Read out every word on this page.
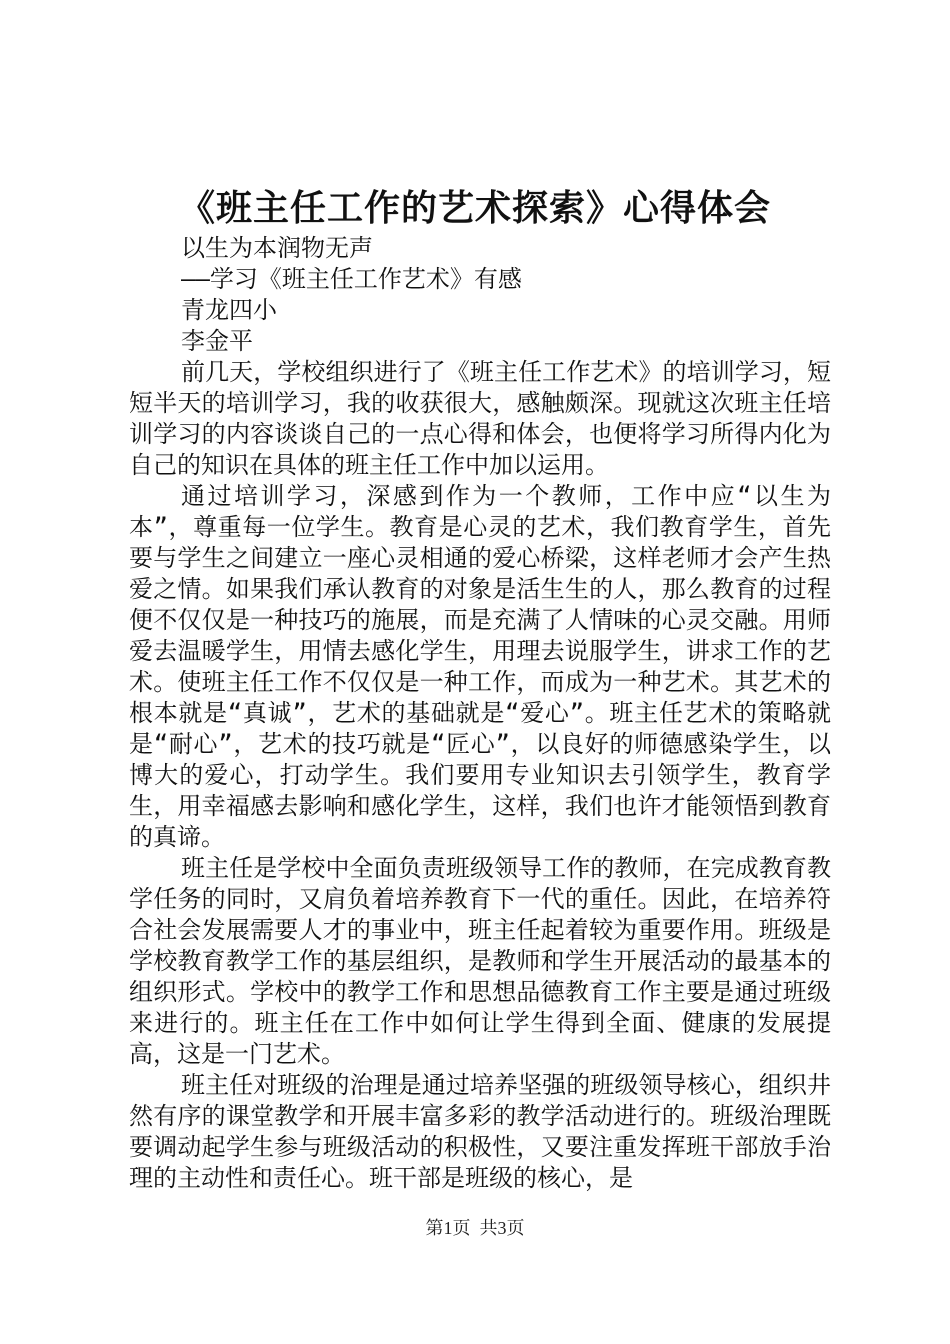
《班主任工作的艺术探索》心得体会

以生为本润物无声

——学习《班主任工作艺术》有感

青龙四小

李金平

前几天，学校组织进行了《班主任工作艺术》的培训学习，短短半天的培训学习，我的收获很大，感触颇深。现就这次班主任培训学习的内容谈谈自己的一点心得和体会，也便将学习所得内化为自己的知识在具体的班主任工作中加以运用。

通过培训学习，深感到作为一个教师，工作中应“以生为本”，尊重每一位学生。教育是心灵的艺术，我们教育学生，首先要与学生之间建立一座心灵相通的爱心桥梁，这样老师才会产生热爱之情。如果我们承认教育的对象是活生生的人，那么教育的过程便不仅仅是一种技巧的施展，而是充满了人情味的心灵交融。用师爱去温暖学生，用情去感化学生，用理去说服学生，讲求工作的艺术。使班主任工作不仅仅是一种工作，而成为一种艺术。其艺术的根本就是“真诚”，艺术的基础就是“爱心”。班主任艺术的策略就是“耐心”，艺术的技巧就是“匠心”，以良好的师德感染学生，以博大的爱心，打动学生。我们要用专业知识去引领学生，教育学生，用幸福感去影响和感化学生，这样，我们也许才能领悟到教育的真谛。

班主任是学校中全面负责班级领导工作的教师，在完成教育教学任务的同时，又肩负着培养教育下一代的重任。因此，在培养符合社会发展需要人才的事业中，班主任起着较为重要作用。班级是学校教育教学工作的基层组织，是教师和学生开展活动的最基本的组织形式。学校中的教学工作和思想品德教育工作主要是通过班级来进行的。班主任在工作中如何让学生得到全面、健康的发展提高，这是一门艺术。

班主任对班级的治理是通过培养坚强的班级领导核心，组织井然有序的课堂教学和开展丰富多彩的教学活动进行的。班级治理既要调动起学生参与班级活动的积极性，又要注重发挥班干部放手治理的主动性和责任心。班干部是班级的核心，是

第1页 共3页
